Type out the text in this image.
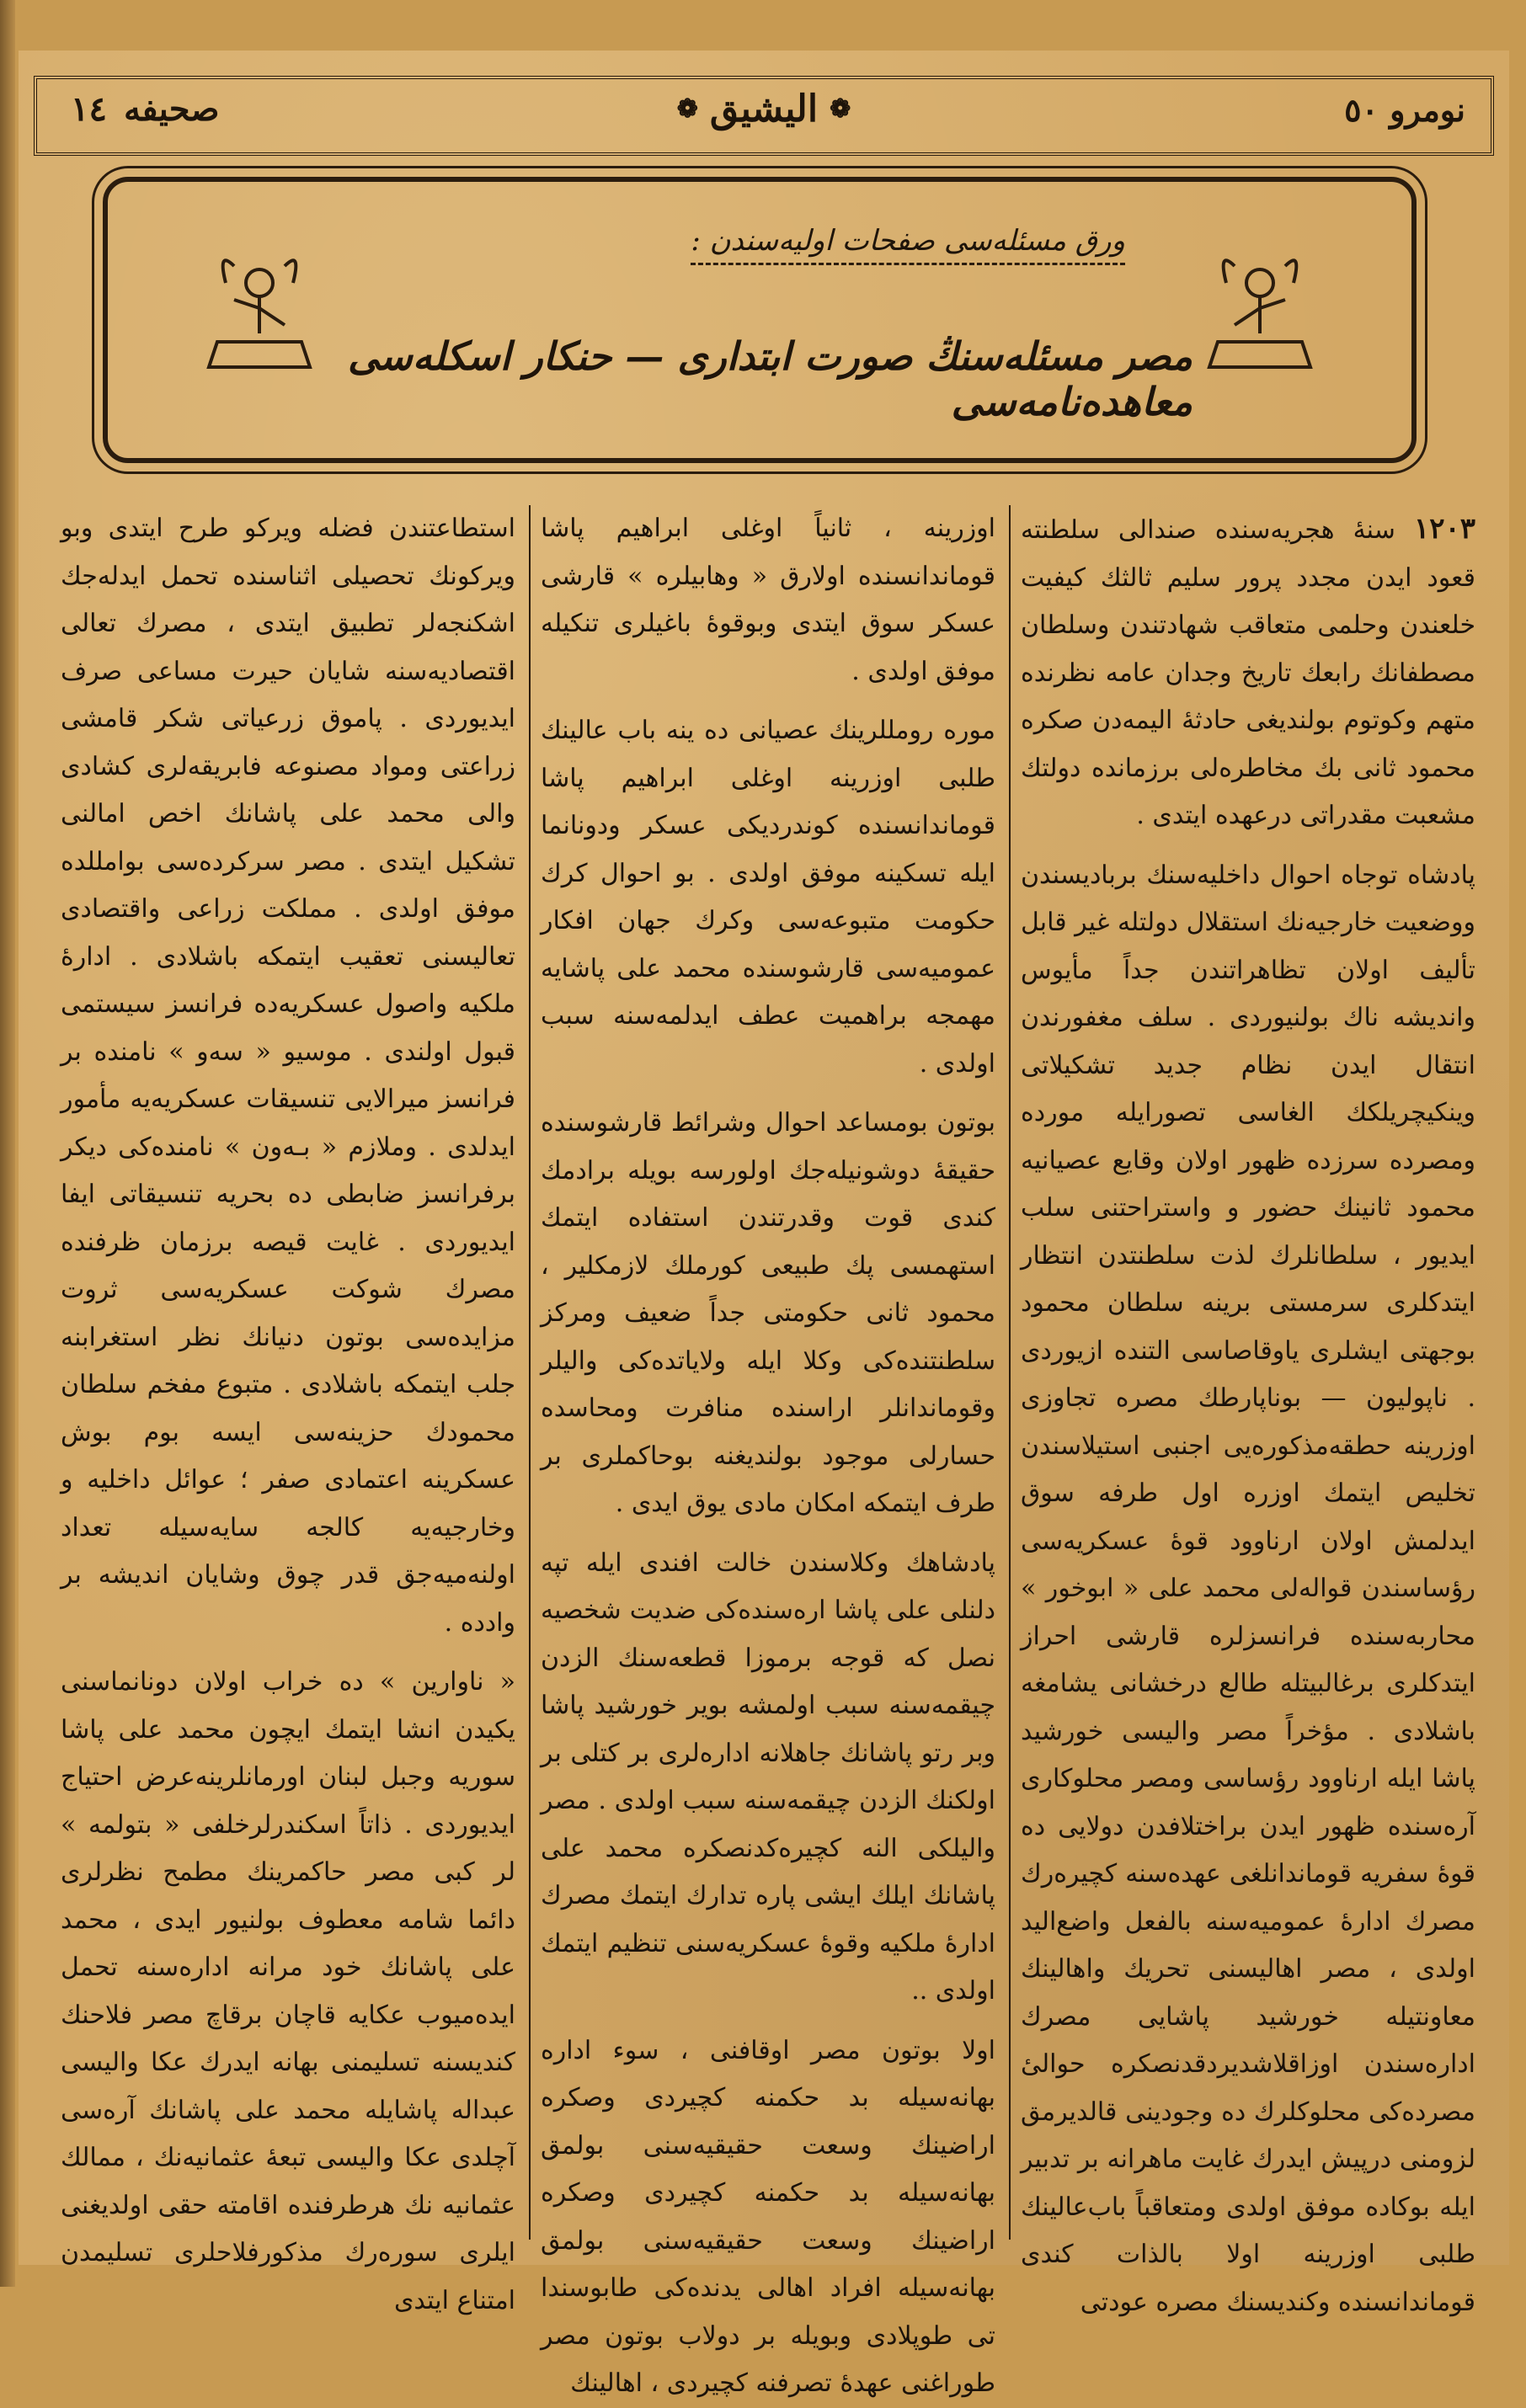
نومرو ٥٠
❁
الیشیق
❁
صحیفه
١٤
ورق مسئله‌سی صفحات اولیه‌سندن :
مصر مسئله‌سنڭ صورت ابتداری — حنكار اسكله‌سی معاهده‌نامه‌سی

١٢٠٣ سنه‌ٔ هجریه‌سنده صندالی سلطنته قعود ایدن مجدد پرور سلیم ثالثك كیفیت خلعندن وحلمی متعاقب شهادتندن وسلطان مصطفانك رابعك تاریخ وجدان عامه نظرنده متهم وكوتوم بولندیغی حادثهٔ الیمه‌دن صكره محمود ثانی بك مخاطره‌لی برزمانده دولتك مشعبت مقدراتی درعهده ایتدی .

پادشاه توجاه احوال داخلیه‌سنك برباديسندن ووضعیت خارجیه‌نك استقلال دولتله غیر قابل تألیف اولان تظاهراتندن جداً مأیوس واندیشه ناك بولنیوردی . سلف مغفورندن انتقال ایدن نظام جدید تشكیلاتی وینكیچریلكك الغاسی تصورایله مورده ومصرده سرزده ظهور اولان وقایع عصیانیه محمود ثانینك حضور و واستراحتنی سلب ایدیور ، سلطانلرك لذت سلطنتدن انتظار ایتدكلری سرمستی برینه سلطان محمود بوجهتی ایشلری یاوقاصاسی التنده ازیوردی . ناپولیون — بوناپارطك مصره تجاوزی اوزرینه حطقه‌مذكوره‌یی اجنبی استیلاسندن تخلیص ایتمك اوزره اول طرفه سوق ایدلمش اولان ارناوود قوهٔ عسكریه‌سی رؤساسندن قواله‌لی محمد علی « ابوخور » محاربه‌سنده فرانسزلره قارشی احراز ایتدكلری برغالبیتله طالع درخشانی یشامغه باشلادی . مؤخراً مصر والیسی خورشید پاشا ایله ارناوود رؤساسی ومصر محلوكاری آره‌سنده ظهور ایدن براختلافدن دولایی ده قوهٔ سفریه قوماندانلغی عهده‌سنه كچیره‌رك مصرك اداره‌ٔ عمومیه‌سنه بالفعل واضع‌الید اولدی ، مصر اهالیسنی تحریك واهالینك معاونتیله خورشید پاشایی مصرك اداره‌سندن اوزاقلاشدیردقدنصكره حوالیٔ مصرده‌كی محلوكلرك ده وجودینی قالدیرمق لزومنی درپیش ایدرك غایت ماهرانه بر تدبیر ایله بوكاده موفق اولدی ومتعاقباً باب‌عالینك طلبی اوزرینه اولا بالذات كندی قوماندانسنده وكندیسنك مصره عودتی

اوزرینه ، ثانیاً اوغلی ابراهیم پاشا قوماندانسنده اولارق « وهابیلره » قارشی عسكر سوق ایتدی وبوقوهٔ باغیلری تنكیله موفق اولدی .

موره رومللرینك عصیانی ده ینه باب عالینك طلبی اوزرینه اوغلی ابراهیم پاشا قوماندانسنده كوندردیكی عسكر ودونانما ایله تسكینه موفق اولدی . بو احوال كرك حكومت متبوعه‌سی وكرك جهان افكار عمومیه‌سی قارشوسنده محمد علی پاشایه مهمجه براهمیت عطف ایدلمه‌سنه سبب اولدی .

بوتون بومساعد احوال وشرائط قارشوسنده حقیقهٔ دوشونیله‌جك اولورسه بویله برادمك كندی قوت وقدرتندن استفاده ایتمك استهمسی پك طبیعی كورملك لازمكلیر ، محمود ثانی حكومتی جداً ضعیف ومركز سلطنتنده‌كی وكلا ایله ولایاتده‌كی والیلر وقوماندانلر اراسنده منافرت ومحاسده حسارلی موجود بولندیغنه بوحاكملری بر طرف ایتمكه امكان مادی یوق ایدی .

پادشاهك وكلاسندن خالت افندی ایله تپه دلنلی علی پاشا اره‌سنده‌كی ضدیت شخصیه نصل كه قوجه برموزا قطعه‌سنك الزدن چیقمه‌سنه سبب اولمشه بویر خورشید پاشا وبر رتو پاشانك جاهلانه اداره‌لری بر كتلی بر اولكنك الزدن چیقمه‌سنه سبب اولدی . مصر والیلكی النه كچیره‌كدنصكره محمد علی پاشانك ایلك ایشی پاره تدارك ایتمك مصرك اداره‌ٔ ملكیه وقوهٔ عسكریه‌سنی تنظیم ایتمك اولدی ..

اولا بوتون مصر اوقافنی ، سوء اداره بهانه‌سیله بد حكمنه كچیردی وصكره اراضینك وسعت حقیقیه‌سنی بولمق بهانه‌سیله بد حكمنه كچیردی وصكره اراضینك وسعت حقیقیه‌سنی بولمق بهانه‌سیله افراد اهالی یدنده‌كی طابوسندا تی طوپلادی وبویله بر دولاب بوتون مصر طوراغنی عهدهٔ تصرفنه كچیردی ، اهالینك

استطاعتندن فضله ویركو طرح ایتدی وبو ویركونك تحصیلی اثناسنده تحمل ایدله‌جك اشكنجه‌لر تطبیق ایتدی ، مصرك تعالی اقتصادیه‌سنه شایان حیرت مساعی صرف ایدیوردی . پاموق زرعیاتی شكر قامشی زراعتی ومواد مصنوعه فابریقه‌لری كشادی والی محمد علی پاشانك اخص امالنی تشكیل ایتدی . مصر سركرده‌سی بوامللده موفق اولدی . مملكت زراعی واقتصادی تعالیسنی تعقیب ایتمكه باشلادی . اداره‌ٔ ملكیه واصول عسكریه‌ده فرانسز سیستمی قبول اولندی . موسیو « سه‌و » نامنده بر فرانسز میرالایی تنسیقات عسكریه‌یه مأمور ایدلدی . وملازم « بـه‌ون » نامنده‌كی دیكر برفرانسز ضابطی ده بحریه تنسیقاتی ایفا ایدیوردی . غایت قیصه برزمان ظرفنده مصرك شوكت عسكریه‌سی ثروت مزایده‌سی بوتون دنیانك نظر استغرابنه جلب ایتمكه باشلادی . متبوع مفخم سلطان محمودك حزینه‌سی ایسه بوم بوش عسكرینه اعتمادی صفر ؛ عوائل داخلیه و وخارجیه‌یه كالجه سایه‌سیله تعداد اولنه‌میه‌جق قدر چوق وشایان اندیشه بر وادده .

« ناوارین » ده خراب اولان دونانماسنی یكیدن انشا ایتمك ایچون محمد علی پاشا سوریه وجبل لبنان اورمانلرینه‌عرض احتیاج ایدیوردی . ذاتاً اسكندرلرخلفی « بتولمه » لر كبی مصر حاكمرینك مطمح نظرلری دائما شامه معطوف بولنیور ایدی ، محمد علی پاشانك خود مرانه اداره‌سنه تحمل ایده‌میوب عكایه قاچان برقاچ مصر فلاحنك كندیسنه تسلیمنی بهانه ایدرك عكا والیسی عبداله پاشایله محمد علی پاشانك آره‌سی آچلدی عكا والیسی تبعه‌ٔ عثمانیه‌نك ، ممالك عثمانیه نك هرطرفنده اقامته حقی اولدیغنی ایلری سوره‌رك مذكورفلاحلری تسلیمدن امتناع ایتدی
